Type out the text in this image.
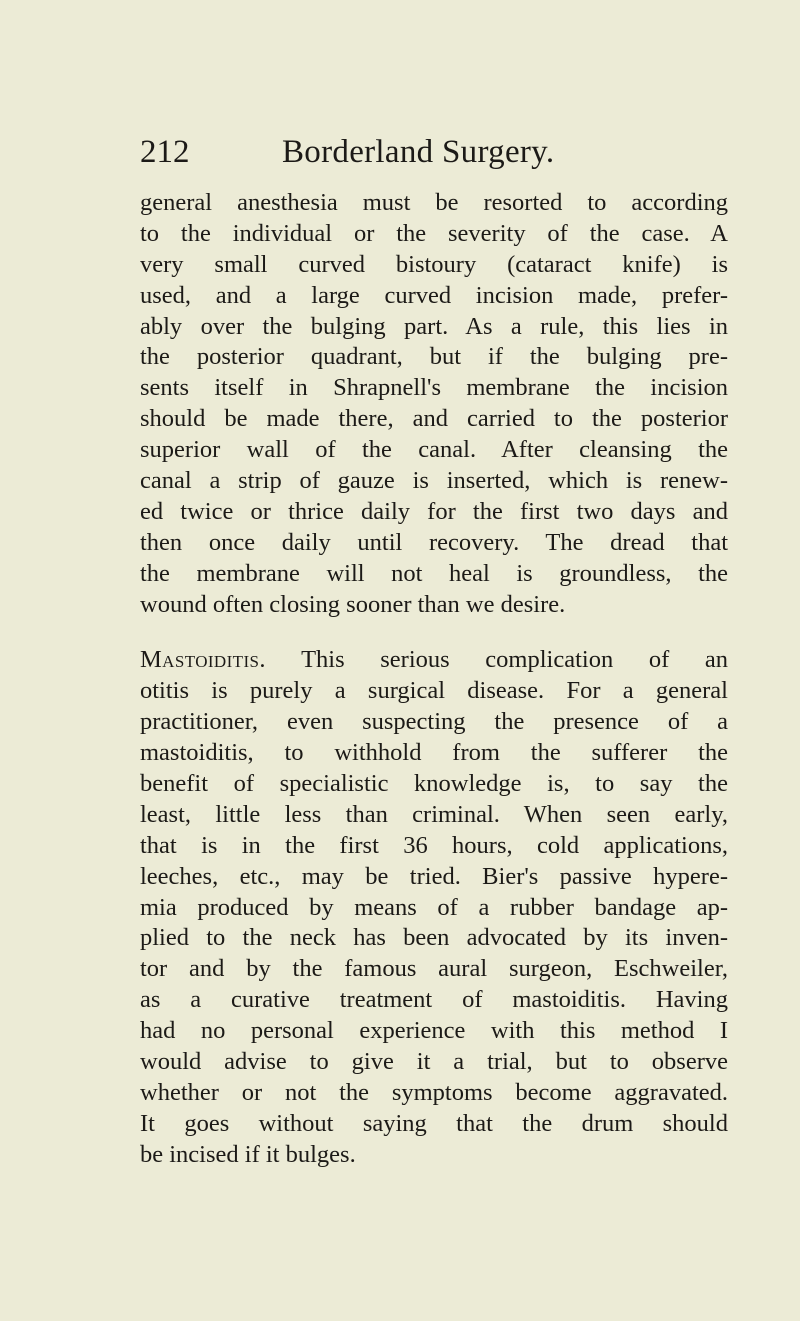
212	Borderland Surgery.
general anesthesia must be resorted to according
to the individual or the severity of the case. A
very small curved bistoury (cataract knife) is
used, and a large curved incision made, prefer-
ably over the bulging part. As a rule, this lies in
the posterior quadrant, but if the bulging pre-
sents itself in Shrapnell's membrane the incision
should be made there, and carried to the posterior
superior wall of the canal. After cleansing the
canal a strip of gauze is inserted, which is renew-
ed twice or thrice daily for the first two days and
then once daily until recovery. The dread that
the membrane will not heal is groundless, the
wound often closing sooner than we desire.
Mastoiditis. This serious complication of an
otitis is purely a surgical disease. For a general
practitioner, even suspecting the presence of a
mastoiditis, to withhold from the sufferer the
benefit of specialistic knowledge is, to say the
least, little less than criminal. When seen early,
that is in the first 36 hours, cold applications,
leeches, etc., may be tried. Bier's passive hypere-
mia produced by means of a rubber bandage ap-
plied to the neck has been advocated by its inven-
tor and by the famous aural surgeon, Eschweiler,
as a curative treatment of mastoiditis. Having
had no personal experience with this method I
would advise to give it a trial, but to observe
whether or not the symptoms become aggravated.
It goes without saying that the drum should
be incised if it bulges.
